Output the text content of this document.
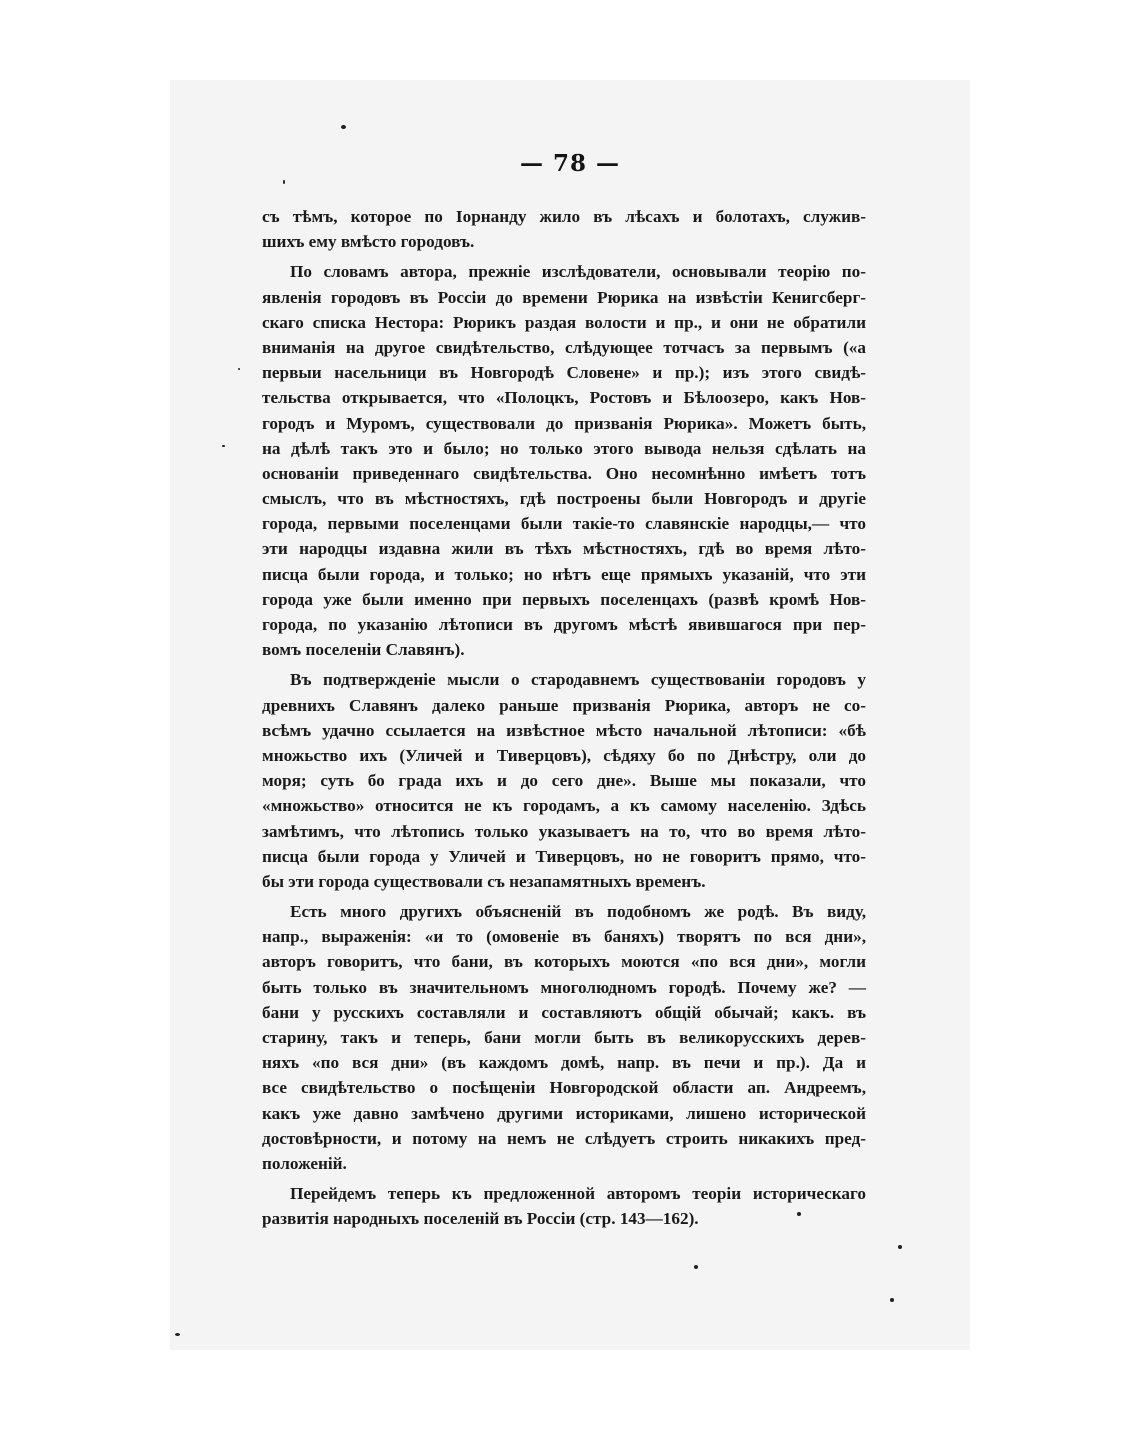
— 78 —
съ тѣмъ, которое по Іорнанду жило въ лѣсахъ и болотахъ, служив-
шихъ ему вмѣсто городовъ.
По словамъ автора, прежніе изслѣдователи, основывали теорію по-
явленія городовъ въ Россіи до времени Рюрика на извѣстіи Кенигсберг-
скаго списка Нестора: Рюрикъ раздая волости и пр., и они не обратили
вниманія на другое свидѣтельство, слѣдующее тотчасъ за первымъ («а
первыи насельници въ Новгородѣ Словене» и пр.); изъ этого свидѣ-
тельства открывается, что «Полоцкъ, Ростовъ и Бѣлоозеро, какъ Нов-
городъ и Муромъ, существовали до призванія Рюрика». Можетъ быть,
на дѣлѣ такъ это и было; но только этого вывода нельзя сдѣлать на
основаніи приведеннаго свидѣтельства. Оно несомнѣнно имѣетъ тотъ
смыслъ, что въ мѣстностяхъ, гдѣ построены были Новгородъ и другіе
города, первыми поселенцами были такіе-то славянскіе народцы,— что
эти народцы издавна жили въ тѣхъ мѣстностяхъ, гдѣ во время лѣто-
писца были города, и только; но нѣтъ еще прямыхъ указаній, что эти
города уже были именно при первыхъ поселенцахъ (развѣ кромѣ Нов-
города, по указанію лѣтописи въ другомъ мѣстѣ явившагося при пер-
вомъ поселеніи Славянъ).
Въ подтвержденіе мысли о стародавнемъ существованіи городовъ у
древнихъ Славянъ далеко раньше призванія Рюрика, авторъ не со-
всѣмъ удачно ссылается на извѣстное мѣсто начальной лѣтописи: «бѣ
множьство ихъ (Уличей и Тиверцовъ), сѣдяху бо по Днѣстру, оли до
моря; суть бо града ихъ и до сего дне». Выше мы показали, что
«множьство» относится не къ городамъ, а къ самому населенію. Здѣсь
замѣтимъ, что лѣтопись только указываетъ на то, что во время лѣто-
писца были города у Уличей и Тиверцовъ, но не говоритъ прямо, что-
бы эти города существовали съ незапамятныхъ временъ.
Есть много другихъ объясненій въ подобномъ же родѣ. Въ виду,
напр., выраженія: «и то (омовеніе въ баняхъ) творятъ по вся дни»,
авторъ говоритъ, что бани, въ которыхъ моются «по вся дни», могли
быть только въ значительномъ многолюдномъ городѣ. Почему же? —
бани у русскихъ составляли и составляютъ общій обычай; какъ. въ
старину, такъ и теперь, бани могли быть въ великорусскихъ дерев-
няхъ «по вся дни» (въ каждомъ домѣ, напр. въ печи и пр.). Да и
все свидѣтельство о посѣщеніи Новгородской области ап. Андреемъ,
какъ уже давно замѣчено другими историками, лишено исторической
достовѣрности, и потому на немъ не слѣдуетъ строить никакихъ пред-
положеній.
Перейдемъ теперь къ предложенной авторомъ теоріи историческаго
развитія народныхъ поселеній въ Россіи (стр. 143—162).
